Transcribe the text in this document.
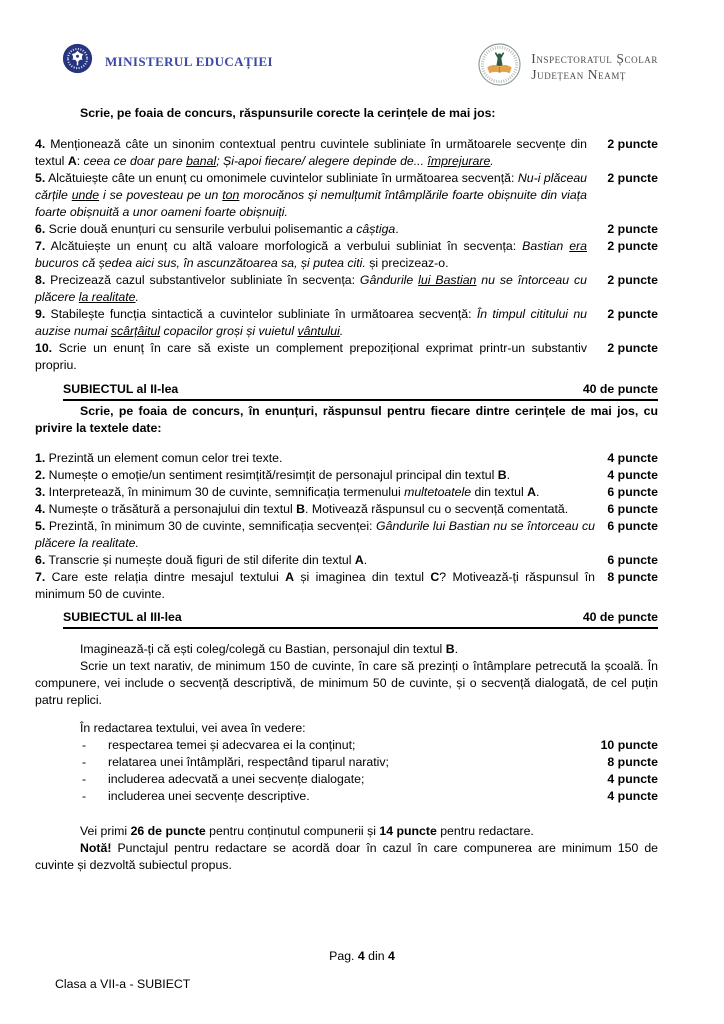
MINISTERUL EDUCAȚIEI	Inspectoratul Școlar
Județean Neamț

Scrie, pe foaia de concurs, răspunsurile corecte la cerințele de mai jos:

4. Menționează câte un sinonim contextual pentru cuvintele subliniate în următoarele secvențe din textul A: ceea ce doar pare banal; Și-apoi fiecare/ alegere depinde de... împrejurare.
2 puncte
5. Alcătuiește câte un enunț cu omonimele cuvintelor subliniate în următoarea secvență: Nu-i plăceau cărțile unde i se povesteau pe un ton morocănos și nemulțumit întâmplările foarte obișnuite din viața foarte obișnuită a unor oameni foarte obișnuiți.
2 puncte
6. Scrie două enunțuri cu sensurile verbului polisemantic a câștiga.	2 puncte
7. Alcătuiește un enunț cu altă valoare morfologică a verbului subliniat în secvența: Bastian era bucuros că ședea aici sus, în ascunzătoarea sa, și putea citi. și precizeaz-o.
2 puncte
8. Precizează cazul substantivelor subliniate în secvența: Gândurile lui Bastian nu se întorceau cu plăcere la realitate.
2 puncte
9. Stabilește funcția sintactică a cuvintelor subliniate în următoarea secvență: În timpul cititului nu auzise numai scârțâitul copacilor groși și vuietul vântului.
2 puncte
10. Scrie un enunț în care să existe un complement prepozițional exprimat printr-un substantiv propriu.
2 puncte
SUBIECTUL al II-lea	40 de puncte

Scrie, pe foaia de concurs, în enunțuri, răspunsul pentru fiecare dintre cerințele de mai jos, cu privire la textele date:

1. Prezintă un element comun celor trei texte.	4 puncte
2. Numește o emoție/un sentiment resimțită/resimțit de personajul principal din textul B.	4 puncte
3. Interpretează, în minimum 30 de cuvinte, semnificația termenului multetoatele din textul A.	6 puncte
4. Numește o trăsătură a personajului din textul B. Motivează răspunsul cu o secvență comentată.	6 puncte
5. Prezintă, în minimum 30 de cuvinte, semnificația secvenței: Gândurile lui Bastian nu se întorceau cu plăcere la realitate.
6 puncte
6. Transcrie și numește două figuri de stil diferite din textul A.	6 puncte
7. Care este relația dintre mesajul textului A și imaginea din textul C? Motivează-ți răspunsul în minimum 50 de cuvinte.
8 puncte
SUBIECTUL al III-lea	40 de puncte

Imaginează-ți că ești coleg/colegă cu Bastian, personajul din textul B.

Scrie un text narativ, de minimum 150 de cuvinte, în care să prezinți o întâmplare petrecută la școală. În compunere, vei include o secvență descriptivă, de minimum 50 de cuvinte, și o secvență dialogată, de cel puțin patru replici.

În redactarea textului, vei avea în vedere:

-	respectarea temei și adecvarea ei la conținut;	10 puncte
-	relatarea unei întâmplări, respectând tiparul narativ;	8 puncte
-	includerea adecvată a unei secvențe dialogate;	4 puncte
-	includerea unei secvențe descriptive.	4 puncte

Vei primi 26 de puncte pentru conținutul compunerii și 14 puncte pentru redactare.

Notă! Punctajul pentru redactare se acordă doar în cazul în care compunerea are minimum 150 de cuvinte și dezvoltă subiectul propus.

Pag. 4 din 4
Clasa a VII-a - SUBIECT
